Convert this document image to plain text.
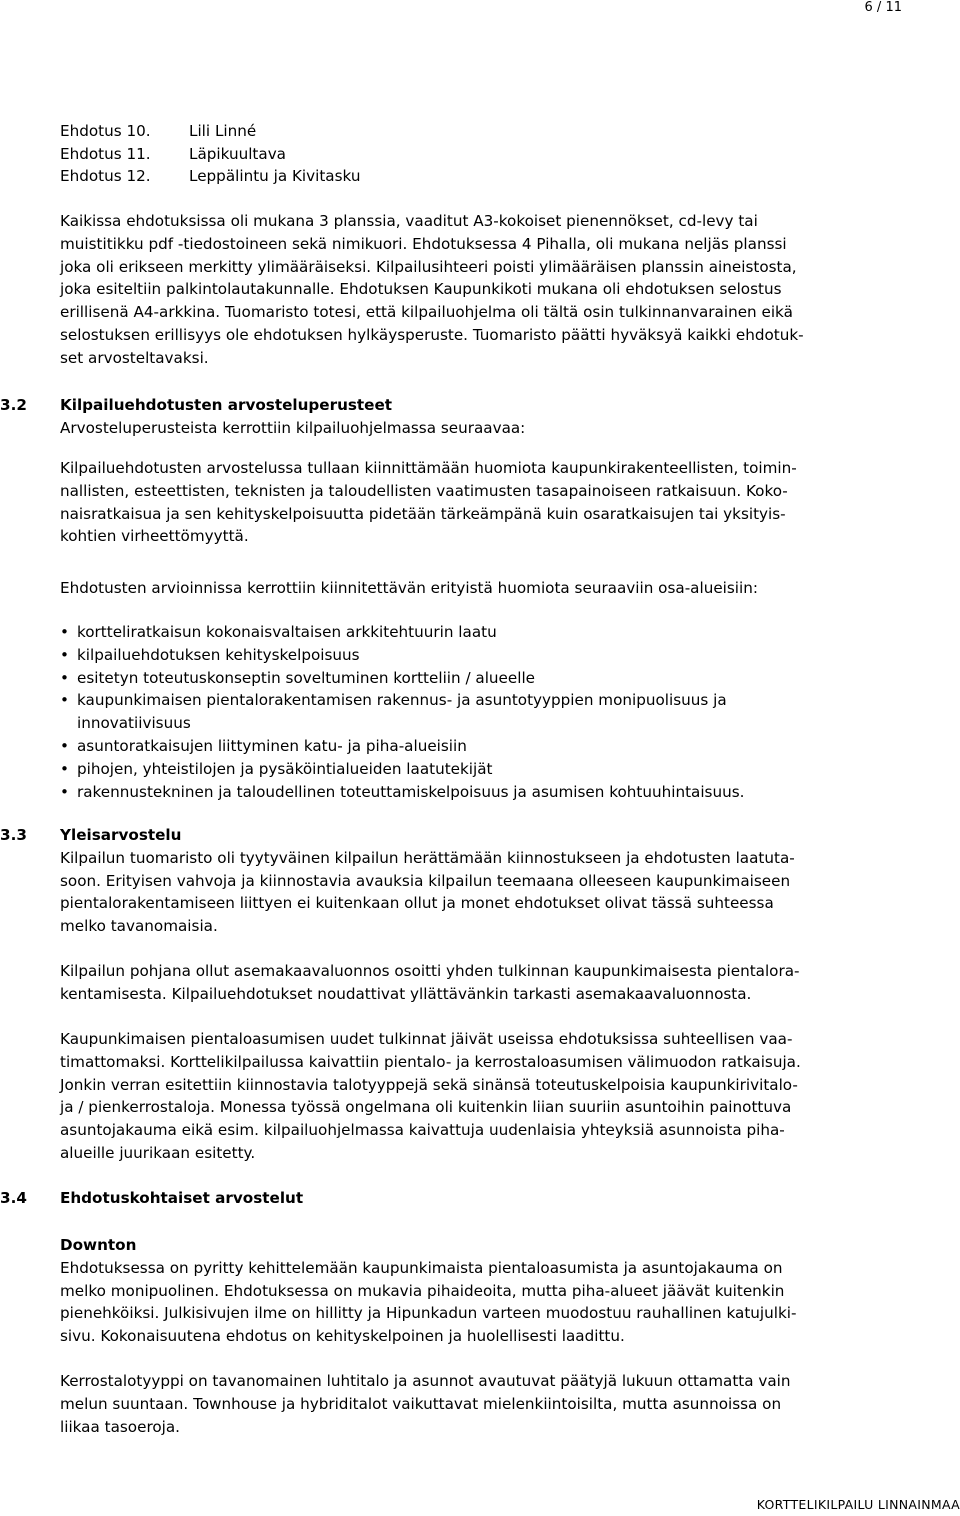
6 / 11
Ehdotus 10.	Lili Linné
Ehdotus 11.	Läpikuultava
Ehdotus 12.	Leppälintu ja Kivitasku
Kaikissa ehdotuksissa oli mukana 3 planssia, vaaditut A3-kokoiset pienennökset, cd-levy tai
muistitikku pdf -tiedostoineen sekä nimikuori. Ehdotuksessa 4 Pihalla, oli mukana neljäs planssi
joka oli erikseen merkitty ylimääräiseksi. Kilpailusihteeri poisti ylimääräisen planssin aineistosta,
joka esiteltiin palkintolautakunnalle. Ehdotuksen Kaupunkikoti mukana oli ehdotuksen selostus
erillisenä A4-arkkina. Tuomaristo totesi, että kilpailuohjelma oli tältä osin tulkinnanvarainen eikä
selostuksen erillisyys ole ehdotuksen hylkäysperuste. Tuomaristo päätti hyväksyä kaikki ehdotuk-
set arvosteltavaksi.
3.2 Kilpailuehdotusten arvosteluperusteet
Arvosteluperusteista kerrottiin kilpailuohjelmassa seuraavaa:
Kilpailuehdotusten arvostelussa tullaan kiinnittämään huomiota kaupunkirakenteellisten, toimin-
nallisten, esteettisten, teknisten ja taloudellisten vaatimusten tasapainoiseen ratkaisuun. Koko-
naisratkaisua ja sen kehityskelpoisuutta pidetään tärkeämpänä kuin osaratkaisujen tai yksityis-
kohtien virheettömyyttä.
Ehdotusten arvioinnissa kerrottiin kiinnitettävän erityistä huomiota seuraaviin osa-alueisiin:
• kortteliratkaisun kokonaisvaltaisen arkkitehtuurin laatu
• kilpailuehdotuksen kehityskelpoisuus
• esitetyn toteutuskonseptin soveltuminen kortteliin / alueelle
• kaupunkimaisen pientalorakentamisen rakennus- ja asuntotyyppien monipuolisuus ja
innovatiivisuus
• asuntoratkaisujen liittyminen katu- ja piha-alueisiin
• pihojen, yhteistilojen ja pysäköintialueiden laatutekijät
• rakennustekninen ja taloudellinen toteuttamiskelpoisuus ja asumisen kohtuuhintaisuus.
3.3 Yleisarvostelu
Kilpailun tuomaristo oli tyytyväinen kilpailun herättämään kiinnostukseen ja ehdotusten laatuta-
soon. Erityisen vahvoja ja kiinnostavia avauksia kilpailun teemaana olleeseen kaupunkimaiseen
pientalorakentamiseen liittyen ei kuitenkaan ollut ja monet ehdotukset olivat tässä suhteessa
melko tavanomaisia.
Kilpailun pohjana ollut asemakaavaluonnos osoitti yhden tulkinnan kaupunkimaisesta pientalora-
kentamisesta. Kilpailuehdotukset noudattivat yllättävänkin tarkasti asemakaavaluonnosta.
Kaupunkimaisen pientaloasumisen uudet tulkinnat jäivät useissa ehdotuksissa suhteellisen vaa-
timattomaksi. Korttelikilpailussa kaivattiin pientalo- ja kerrostaloasumisen välimuodon ratkaisuja.
Jonkin verran esitettiin kiinnostavia talotyyppejä sekä sinänsä toteutuskelpoisia kaupunkirivitalo-
ja / pienkerrostaloja. Monessa työssä ongelmana oli kuitenkin liian suuriin asuntoihin painottuva
asuntojakauma eikä esim. kilpailuohjelmassa kaivattuja uudenlaisia yhteyksiä asunnoista piha-
alueille juurikaan esitetty.
3.4 Ehdotuskohtaiset arvostelut
Downton
Ehdotuksessa on pyritty kehittelemään kaupunkimaista pientaloasumista ja asuntojakauma on
melko monipuolinen. Ehdotuksessa on mukavia pihaideoita, mutta piha-alueet jäävät kuitenkin
pienehköiksi. Julkisivujen ilme on hillitty ja Hipunkadun varteen muodostuu rauhallinen katujulki-
sivu. Kokonaisuutena ehdotus on kehityskelpoinen ja huolellisesti laadittu.
Kerrostalotyyppi on tavanomainen luhtitalo ja asunnot avautuvat päätyjä lukuun ottamatta vain
melun suuntaan. Townhouse ja hybriditalot vaikuttavat mielenkiintoisilta, mutta asunnoissa on
liikaa tasoeroja.
KORTTELIKILPAILU LINNAINMAA
